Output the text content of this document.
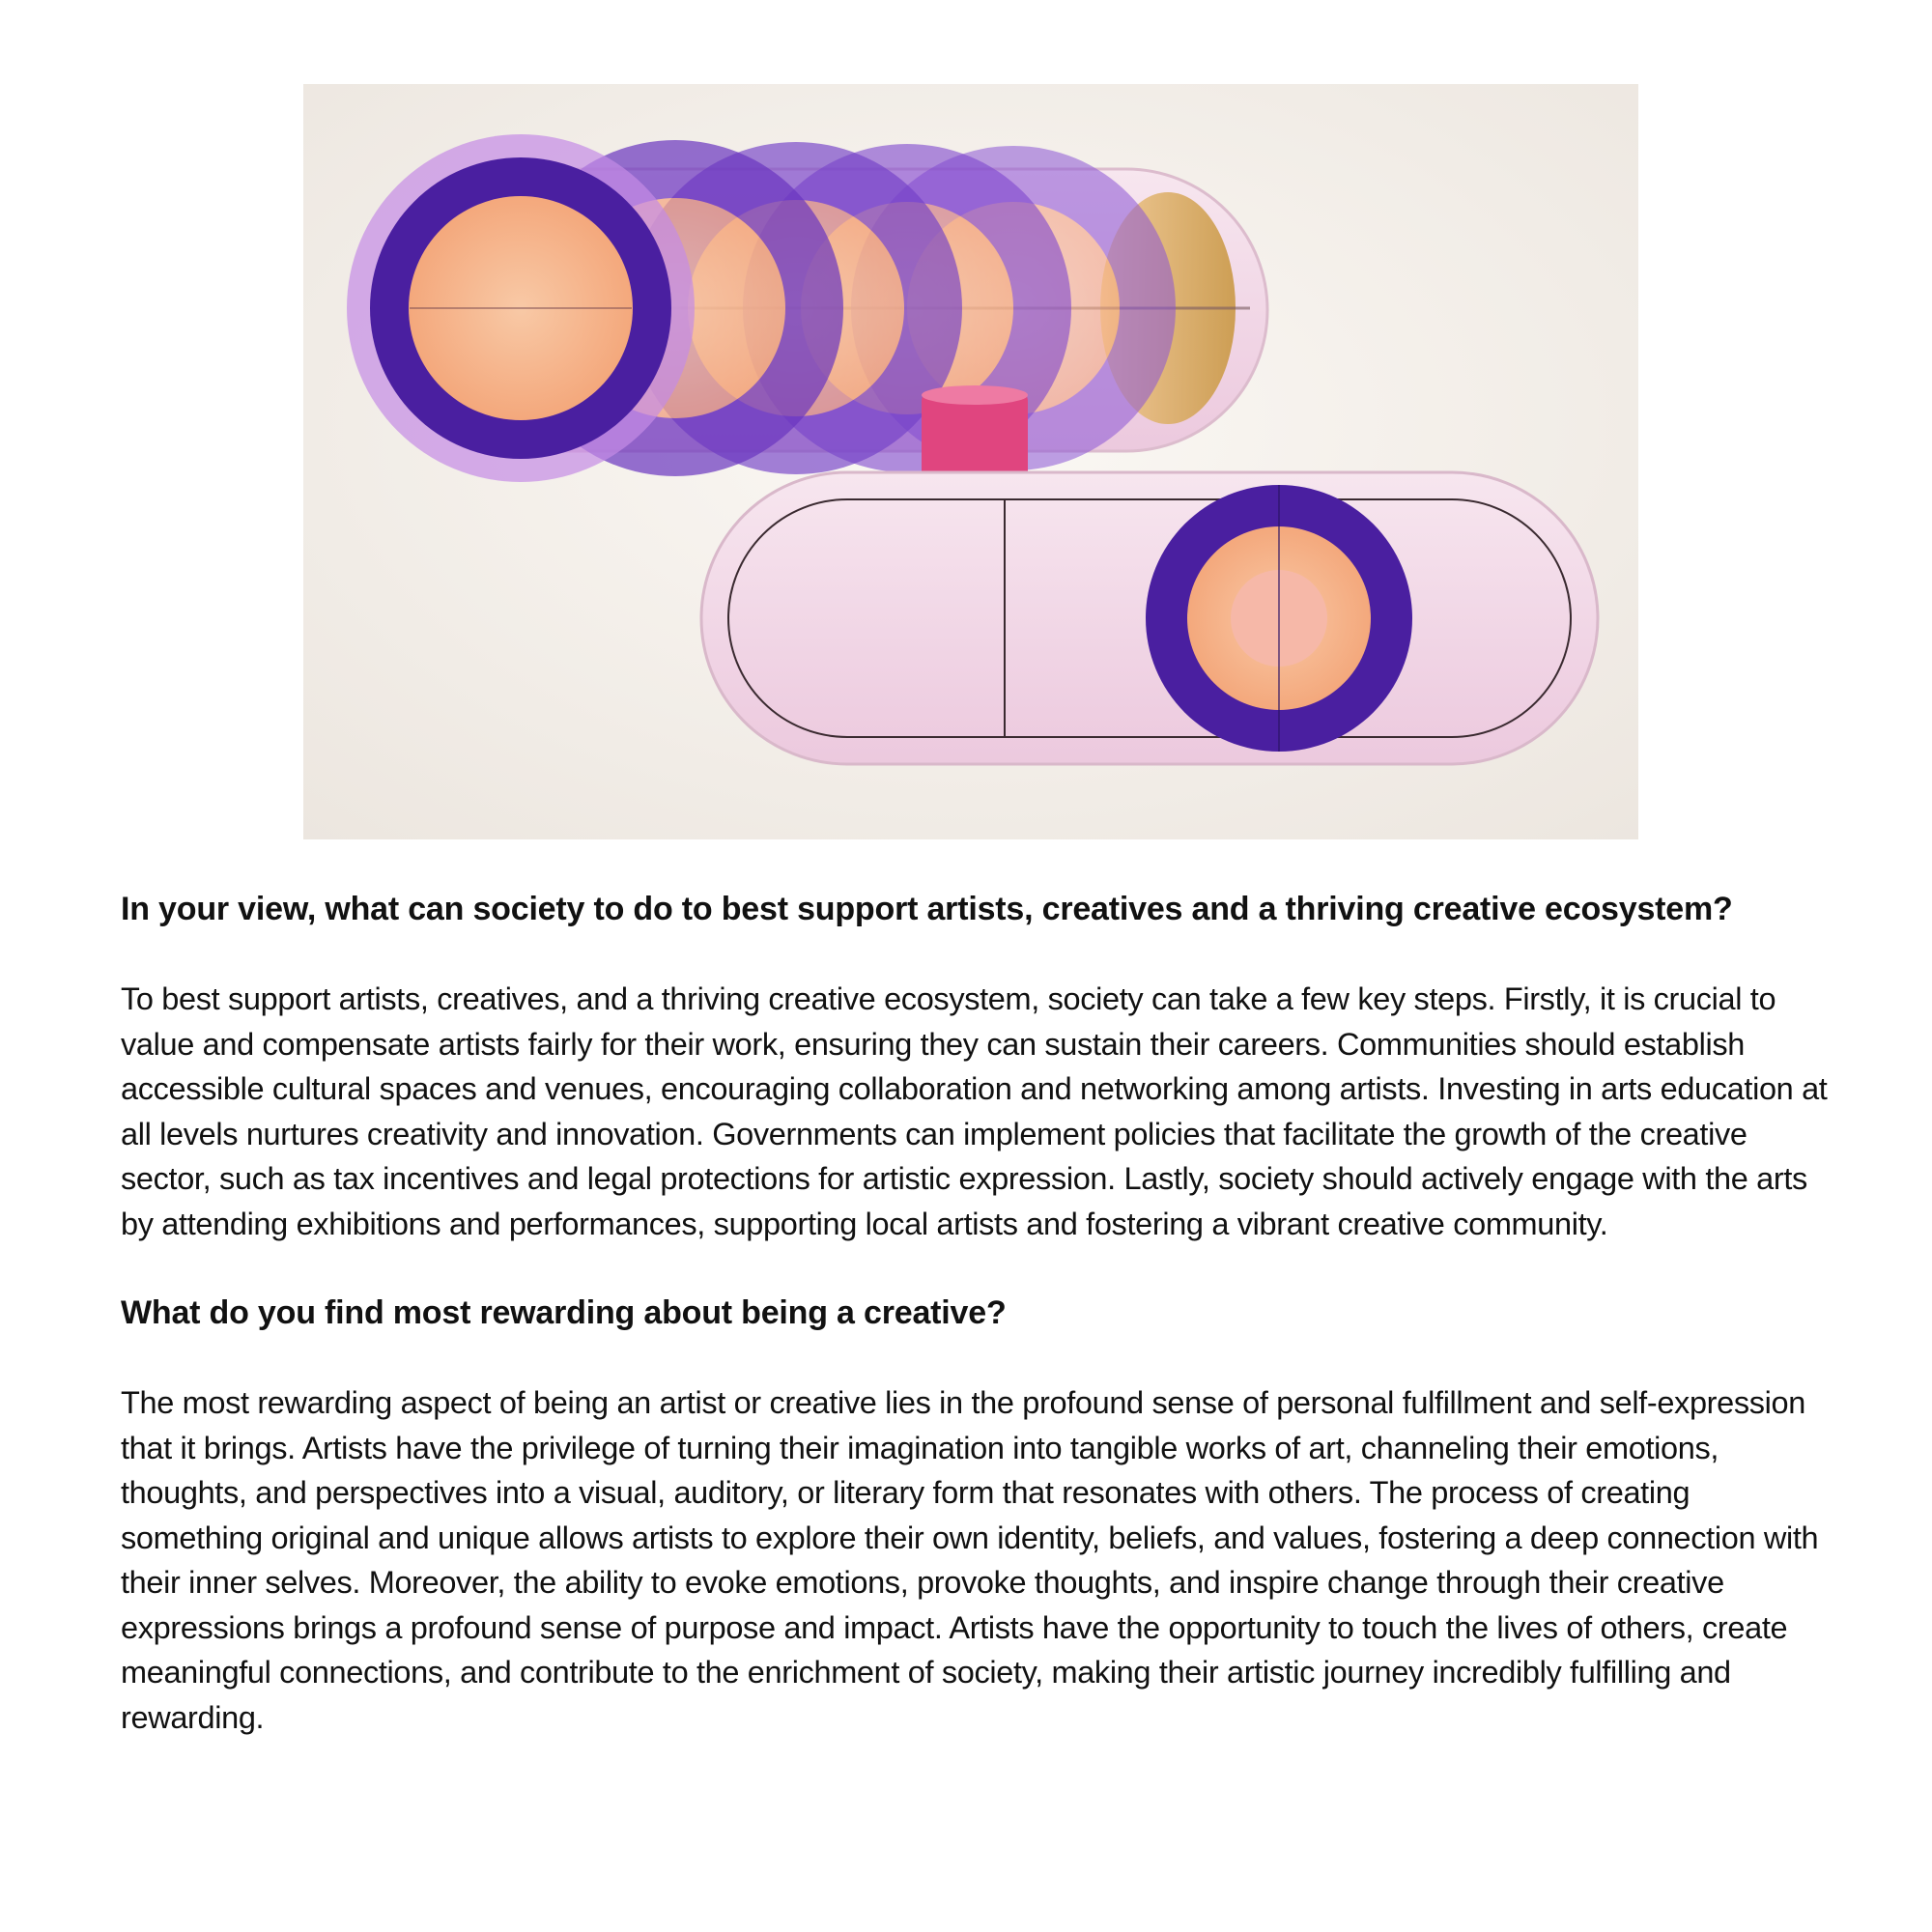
In your view, what can society to do to best support artists, creatives and a thriving creative ecosystem?

To best support artists, creatives, and a thriving creative ecosystem, society can take a few key steps. Firstly, it is crucial to value and compensate artists fairly for their work, ensuring they can sustain their careers. Communities should establish accessible cultural spaces and venues, encouraging collaboration and networking among artists. Investing in arts education at all levels nurtures creativity and innovation. Governments can implement policies that facilitate the growth of the creative sector, such as tax incentives and legal protections for artistic expression. Lastly, society should actively engage with the arts by attending exhibitions and performances, supporting local artists and fostering a vibrant creative community.

What do you find most rewarding about being a creative?

The most rewarding aspect of being an artist or creative lies in the profound sense of personal fulfillment and self-expression that it brings. Artists have the privilege of turning their imagination into tangible works of art, channeling their emotions, thoughts, and perspectives into a visual, auditory, or literary form that resonates with others. The process of creating something original and unique allows artists to explore their own identity, beliefs, and values, fostering a deep connection with their inner selves. Moreover, the ability to evoke emotions, provoke thoughts, and inspire change through their creative expressions brings a profound sense of purpose and impact. Artists have the opportunity to touch the lives of others, create meaningful connections, and contribute to the enrichment of society, making their artistic journey incredibly fulfilling and rewarding.
